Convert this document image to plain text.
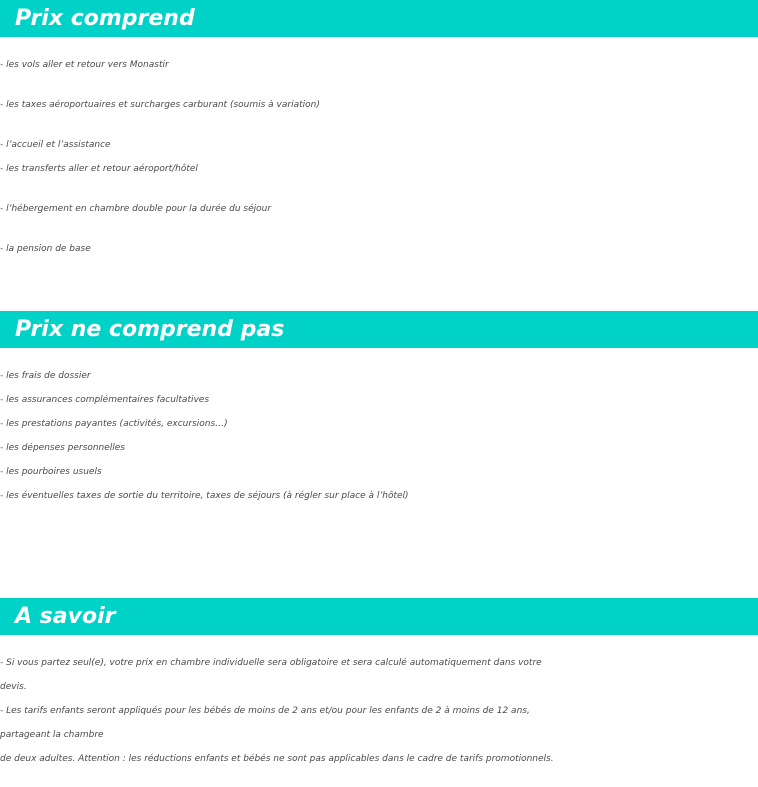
Prix comprend
- les vols aller et retour vers Monastir
- les taxes aéroportuaires et surcharges carburant (soumis à variation)
- l’accueil et l’assistance
- les transferts aller et retour aéroport/hôtel
- l’hébergement en chambre double pour la durée du séjour
- la pension de base
Prix ne comprend pas
- les frais de dossier
- les assurances complémentaires facultatives
- les prestations payantes (activités, excursions…)
- les dépenses personnelles
- les pourboires usuels
- les éventuelles taxes de sortie du territoire, taxes de séjours (à régler sur place à l’hôtel)
A savoir
- Si vous partez seul(e), votre prix en chambre individuelle sera obligatoire et sera calculé automatiquement dans votre
devis.
- Les tarifs enfants seront appliqués pour les bébés de moins de 2 ans et/ou pour les enfants de 2 à moins de 12 ans,
partageant la chambre
de deux adultes. Attention : les réductions enfants et bébés ne sont pas applicables dans le cadre de tarifs promotionnels.
